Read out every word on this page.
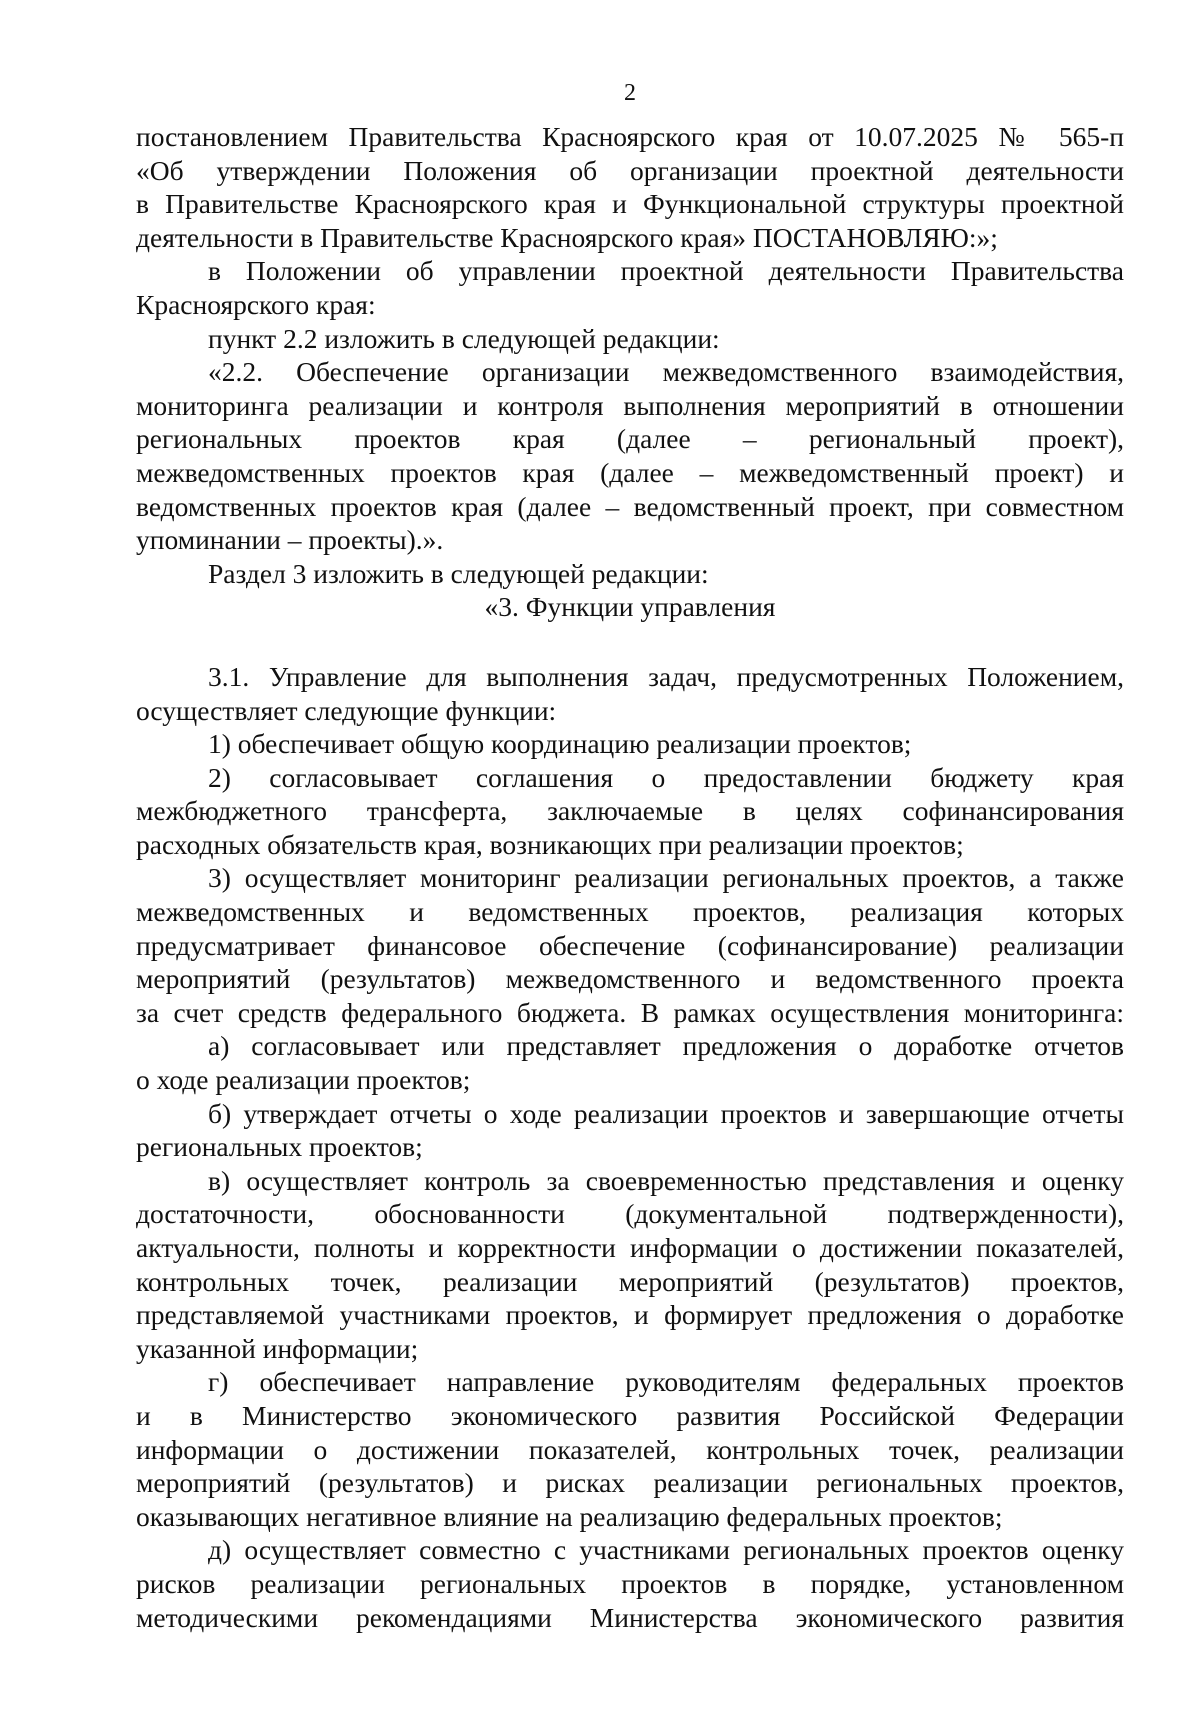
2
постановлением Правительства Красноярского края от 10.07.2025 № 565-п
«Об утверждении Положения об организации проектной деятельности
в Правительстве Красноярского края и Функциональной структуры проектной
деятельности в Правительстве Красноярского края» ПОСТАНОВЛЯЮ:»;
в Положении об управлении проектной деятельности Правительства
Красноярского края:
пункт 2.2 изложить в следующей редакции:
«2.2. Обеспечение организации межведомственного взаимодействия,
мониторинга реализации и контроля выполнения мероприятий в отношении
региональных проектов края (далее – региональный проект),
межведомственных проектов края (далее – межведомственный проект) и
ведомственных проектов края (далее – ведомственный проект, при совместном
упоминании – проекты).».
Раздел 3 изложить в следующей редакции:
«3. Функции управления
3.1. Управление для выполнения задач, предусмотренных Положением,
осуществляет следующие функции:
1) обеспечивает общую координацию реализации проектов;
2) согласовывает соглашения о предоставлении бюджету края
межбюджетного трансферта, заключаемые в целях софинансирования
расходных обязательств края, возникающих при реализации проектов;
3) осуществляет мониторинг реализации региональных проектов, а также
межведомственных и ведомственных проектов, реализация которых
предусматривает финансовое обеспечение (софинансирование) реализации
мероприятий (результатов) межведомственного и ведомственного проекта
за счет средств федерального бюджета. В рамках осуществления мониторинга:
а) согласовывает или представляет предложения о доработке отчетов
о ходе реализации проектов;
б) утверждает отчеты о ходе реализации проектов и завершающие отчеты
региональных проектов;
в) осуществляет контроль за своевременностью представления и оценку
достаточности, обоснованности (документальной подтвержденности),
актуальности, полноты и корректности информации о достижении показателей,
контрольных точек, реализации мероприятий (результатов) проектов,
представляемой участниками проектов, и формирует предложения о доработке
указанной информации;
г) обеспечивает направление руководителям федеральных проектов
и в Министерство экономического развития Российской Федерации
информации о достижении показателей, контрольных точек, реализации
мероприятий (результатов) и рисках реализации региональных проектов,
оказывающих негативное влияние на реализацию федеральных проектов;
д) осуществляет совместно с участниками региональных проектов оценку
рисков реализации региональных проектов в порядке, установленном
методическими рекомендациями Министерства экономического развития
